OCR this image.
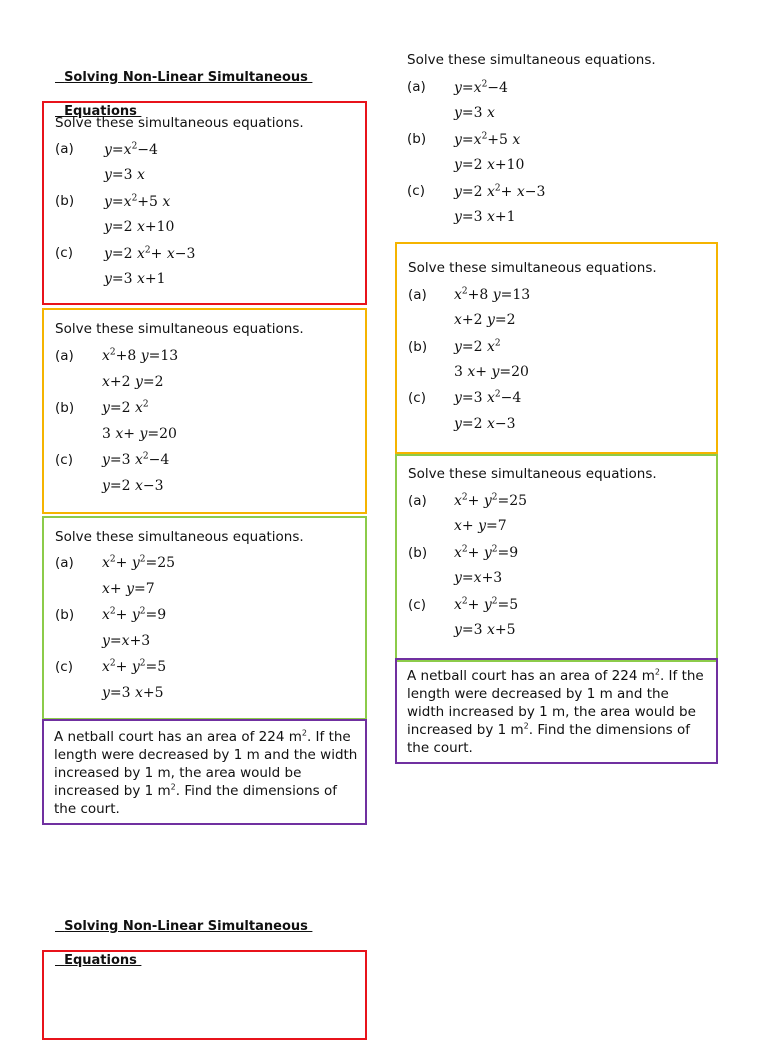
Solving Non-Linear Simultaneous

Equations

Solve these simultaneous equations.
(a) $y=x^2-4$
y=3 x
(b) $y=x^2+5$ x
y=2 x+10
(c) y=2 $x^2+ x-3$
y=3 x+1
Solve these simultaneous equations.
(a) $x^2+8$ y=13
x+2 y=2
(b) y=2 $x^2$
3 x+ y=20
(c) y=3 $x^2-4$
y=2 x−3
Solve these simultaneous equations.
(a) $x^2+ y^2=25$
x+ y=7
(b) $x^2+ y^2=9$
y=x+3
(c) $x^2+ y^2=5$
y=3 x+5
A netball court has an area of 224 $m^2$. If the length were decreased by 1 m and the width increased by 1 m, the area would be increased by 1 $m^2$. Find the dimensions of the court.
Solve these simultaneous equations.
(a) $y=x^2-4$
y=3 x
(b) $y=x^2+5$ x
y=2 x+10
(c) y=2 $x^2+ x-3$
y=3 x+1
Solve these simultaneous equations.
(a) $x^2+8$ y=13
x+2 y=2
(b) y=2 $x^2$
3 x+ y=20
(c) y=3 $x^2-4$
y=2 x−3
Solve these simultaneous equations.
(a) $x^2+ y^2=25$
x+ y=7
(b) $x^2+ y^2=9$
y=x+3
(c) $x^2+ y^2=5$
y=3 x+5
A netball court has an area of 224 $m^2$. If the length were decreased by 1 m and the width increased by 1 m, the area would be increased by 1 $m^2$. Find the dimensions of the court.

Solving Non-Linear Simultaneous

Equations
